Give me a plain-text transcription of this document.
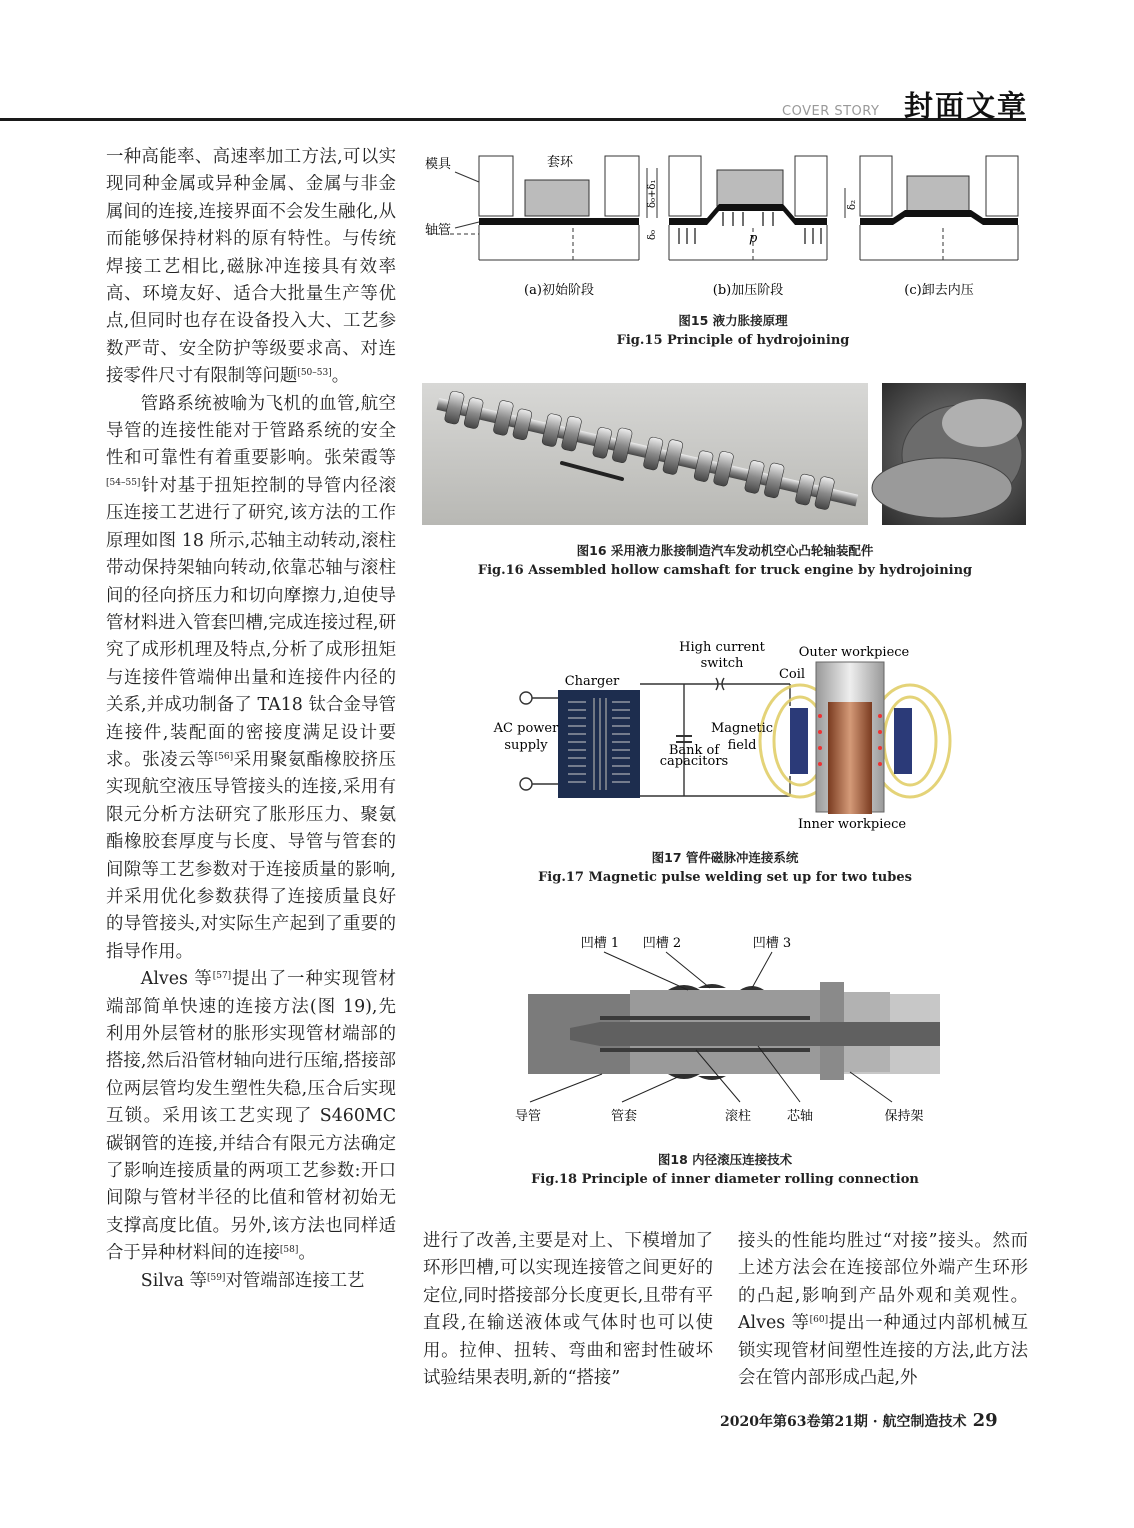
COVER STORY 封面文章

一种高能率、高速率加工方法,可以实现同种金属或异种金属、金属与非金属间的连接,连接界面不会发生融化,从而能够保持材料的原有特性。与传统焊接工艺相比,磁脉冲连接具有效率高、环境友好、适合大批量生产等优点,但同时也存在设备投入大、工艺参数严苛、安全防护等级要求高、对连接零件尺寸有限制等问题[50–53]。

管路系统被喻为飞机的血管,航空导管的连接性能对于管路系统的安全性和可靠性有着重要影响。张荣霞等[54–55]针对基于扭矩控制的导管内径滚压连接工艺进行了研究,该方法的工作原理如图 18 所示,芯轴主动转动,滚柱带动保持架轴向转动,依靠芯轴与滚柱间的径向挤压力和切向摩擦力,迫使导管材料进入管套凹槽,完成连接过程,研究了成形机理及特点,分析了成形扭矩与连接件管端伸出量和连接件内径的关系,并成功制备了 TA18 钛合金导管连接件,装配面的密接度满足设计要求。张凌云等[56]采用聚氨酯橡胶挤压实现航空液压导管接头的连接,采用有限元分析方法研究了胀形压力、聚氨酯橡胶套厚度与长度、导管与管套的间隙等工艺参数对于连接质量的影响,并采用优化参数获得了连接质量良好的导管接头,对实际生产起到了重要的指导作用。

Alves 等[57]提出了一种实现管材端部简单快速的连接方法(图 19),先利用外层管材的胀形实现管材端部的搭接,然后沿管材轴向进行压缩,搭接部位两层管均发生塑性失稳,压合后实现互锁。采用该工艺实现了 S460MC 碳钢管的连接,并结合有限元方法确定了影响连接质量的两项工艺参数:开口间隙与管材半径的比值和管材初始无支撑高度比值。另外,该方法也同样适合于异种材料间的连接[58]。

Silva 等[59]对管端部连接工艺

进行了改善,主要是对上、下模增加了环形凹槽,可以实现连接管之间更好的定位,同时搭接部分长度更长,且带有平直段,在输送液体或气体时也可以使用。拉伸、扭转、弯曲和密封性破坏试验结果表明,新的“搭接”

接头的性能均胜过“对接”接头。然而上述方法会在连接部位外端产生环形的凸起,影响到产品外观和美观性。Alves 等[60]提出一种通过内部机械互锁实现管材间塑性连接的方法,此方法会在管内部形成凸起,外

模具	套环
轴管
p
δ₀+δ₁
δ₀
δ₂
(a)初始阶段	(b)加压阶段	(c)卸去内压
图15 液力胀接原理
Fig.15 Principle of hydrojoining
图16 采用液力胀接制造汽车发动机空心凸轮轴装配件
Fig.16 Assembled hollow camshaft for truck engine by hydrojoining
High current
switch
Outer workpiece
Charger	Coil
AC power
supply
Magnetic
field
Bank of
capacitors
Inner workpiece
图17 管件磁脉冲连接系统
Fig.17 Magnetic pulse welding set up for two tubes
凹槽 1 凹槽 2	凹槽 3
导管	管套	滚柱	芯轴	保持架
图18 内径滚压连接技术
Fig.18 Principle of inner diameter rolling connection
2020年第63卷第21期 · 航空制造技术 29
